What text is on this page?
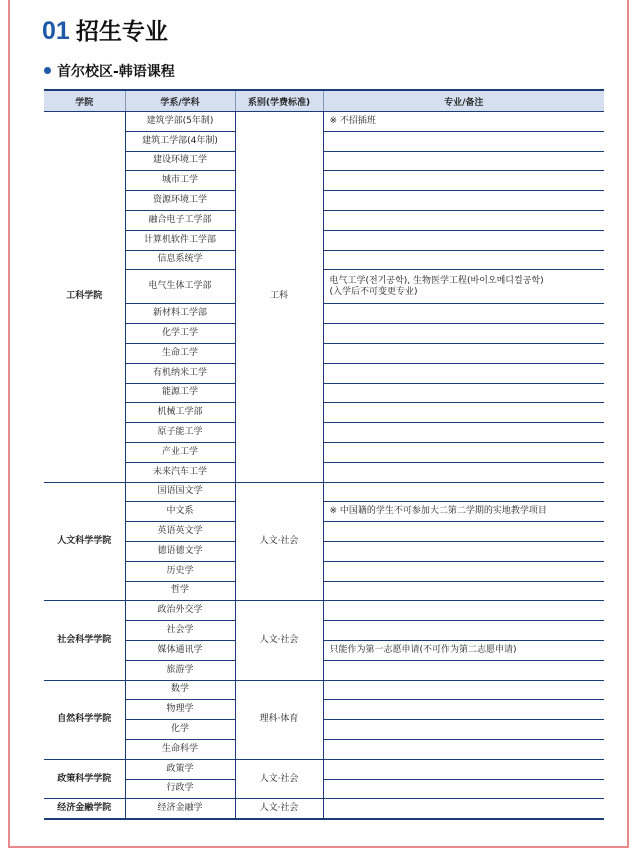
01 招生专业
首尔校区-韩语课程
学院	学系/学科	系别(学费标准)	专业/备注
工科学院	建筑学部(5年制)	工科	※ 不招插班
	建筑工学部(4年制)		
	建设环境工学		
	城市工学		
	资源环境工学		
	融合电子工学部		
	计算机软件工学部		
	信息系统学		
	电气生体工学部		电气工学(전기공학), 生物医学工程(바이오메디컬공학)
(入学后不可变更专业)

	新材料工学部		
	化学工学		
	生命工学		
	有机纳米工学		
	能源工学		
	机械工学部		
	原子能工学		
	产业工学		
	未来汽车工学		
人文科学学院	国语国文学	人文·社会	
	中文系		※ 中国籍的学生不可参加大二第二学期的实地教学项目
	英语英文学		
	德语德文学		
	历史学		
	哲学		
社会科学学院	政治外交学	人文·社会	
	社会学		
	媒体通讯学		只能作为第一志愿申请(不可作为第二志愿申请)
	旅游学		
自然科学学院	数学	理科·体育	
	物理学		
	化学		
	生命科学		
政策科学学院	政策学	人文·社会	
	行政学		
经济金融学院	经济金融学	人文·社会	
